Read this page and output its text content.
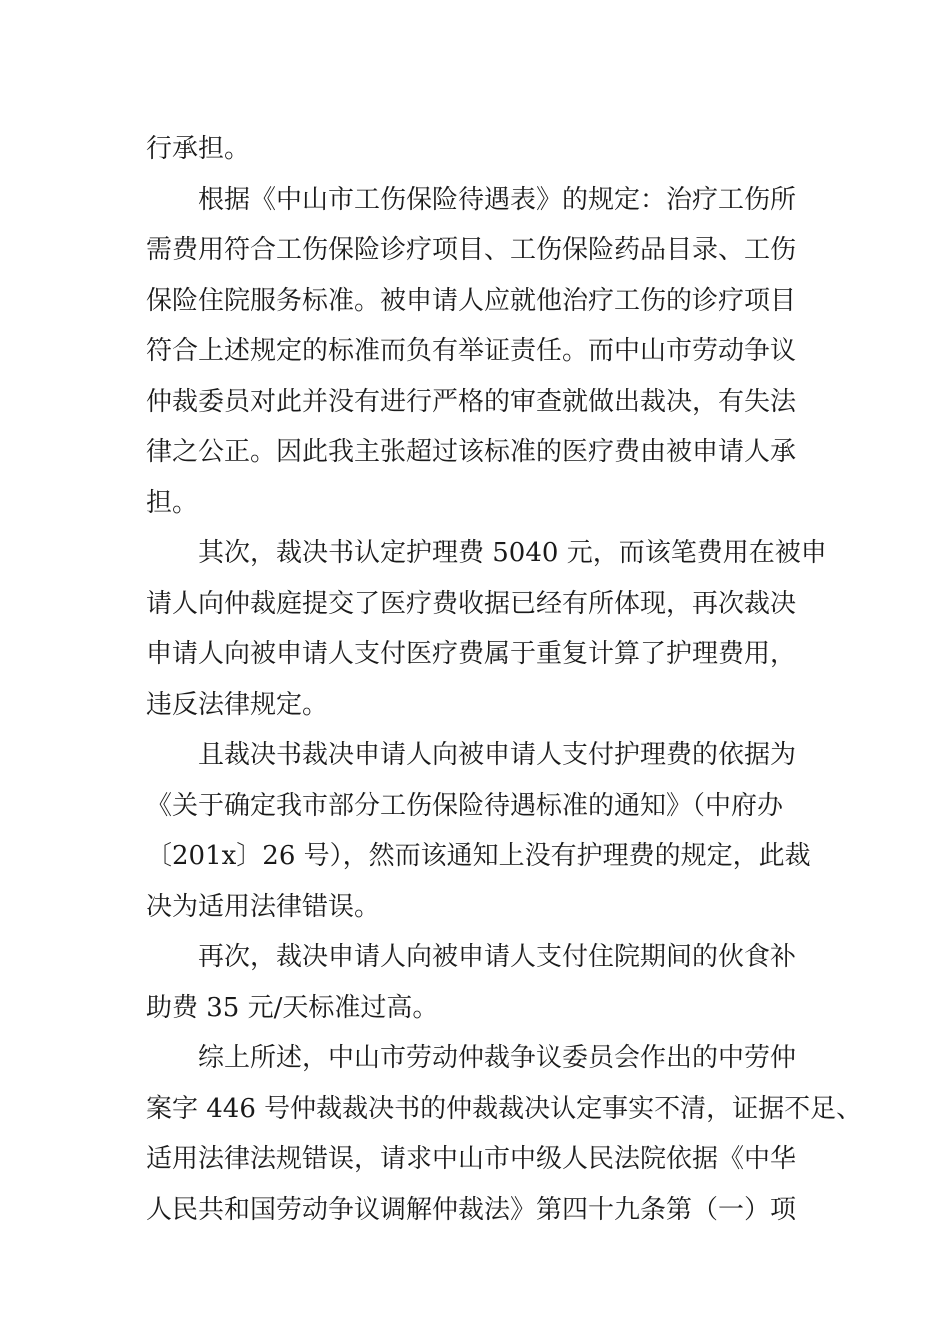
行承担。
根据《中山市工伤保险待遇表》的规定：治疗工伤所
需费用符合工伤保险诊疗项目、工伤保险药品目录、工伤
保险住院服务标准。被申请人应就他治疗工伤的诊疗项目
符合上述规定的标准而负有举证责任。而中山市劳动争议
仲裁委员对此并没有进行严格的审查就做出裁决，有失法
律之公正。因此我主张超过该标准的医疗费由被申请人承
担。
其次，裁决书认定护理费 5040 元，而该笔费用在被申
请人向仲裁庭提交了医疗费收据已经有所体现，再次裁决
申请人向被申请人支付医疗费属于重复计算了护理费用，
违反法律规定。
且裁决书裁决申请人向被申请人支付护理费的依据为
《关于确定我市部分工伤保险待遇标准的通知》（中府办
〔201x〕26 号），然而该通知上没有护理费的规定，此裁
决为适用法律错误。
再次，裁决申请人向被申请人支付住院期间的伙食补
助费 35 元/天标准过高。
综上所述，中山市劳动仲裁争议委员会作出的中劳仲
案字 446 号仲裁裁决书的仲裁裁决认定事实不清，证据不足、
适用法律法规错误，请求中山市中级人民法院依据《中华
人民共和国劳动争议调解仲裁法》第四十九条第（一）项
